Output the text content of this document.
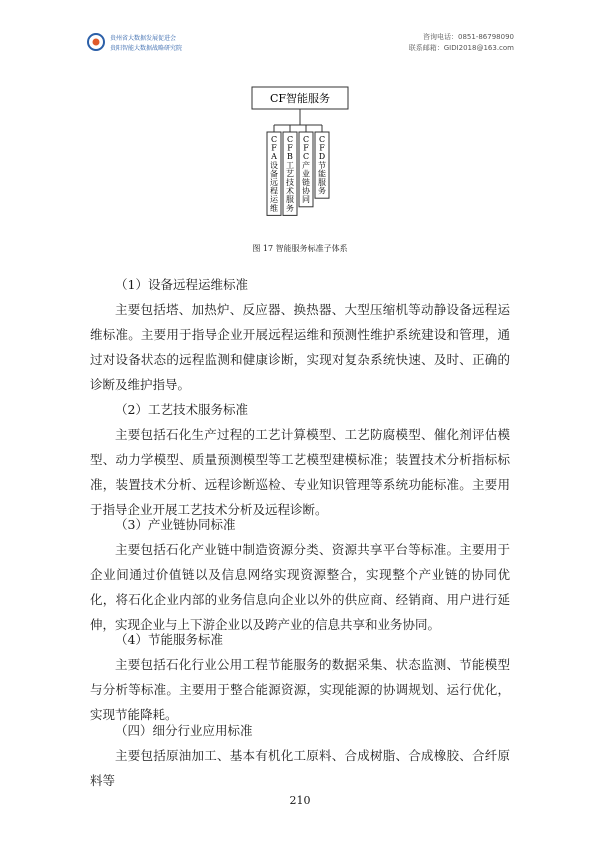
贵州省大数据发展促进会
贵阳智能大数据战略研究院
咨询电话：0851-86798090
联系邮箱：GIDI2018@163.com
CF智能服务
C F A 设备远程运维
C F B 工艺技术服务
C F C 产业链协同
C F D 节能服务
图 17 智能服务标准子体系

（1）设备远程运维标准

主要包括塔、加热炉、反应器、换热器、大型压缩机等动静设备远程运维标准。主要用于指导企业开展远程运维和预测性维护系统建设和管理，通过对设备状态的远程监测和健康诊断，实现对复杂系统快速、及时、正确的诊断及维护指导。

（2）工艺技术服务标准

主要包括石化生产过程的工艺计算模型、工艺防腐模型、催化剂评估模型、动力学模型、质量预测模型等工艺模型建模标准；装置技术分析指标标准，装置技术分析、远程诊断巡检、专业知识管理等系统功能标准。主要用于指导企业开展工艺技术分析及远程诊断。

（3）产业链协同标准

主要包括石化产业链中制造资源分类、资源共享平台等标准。主要用于企业间通过价值链以及信息网络实现资源整合，实现整个产业链的协同优化，将石化企业内部的业务信息向企业以外的供应商、经销商、用户进行延伸，实现企业与上下游企业以及跨产业的信息共享和业务协同。

（4）节能服务标准

主要包括石化行业公用工程节能服务的数据采集、状态监测、节能模型与分析等标准。主要用于整合能源资源，实现能源的协调规划、运行优化，实现节能降耗。

（四）细分行业应用标准

主要包括原油加工、基本有机化工原料、合成树脂、合成橡胶、合纤原料等

210
